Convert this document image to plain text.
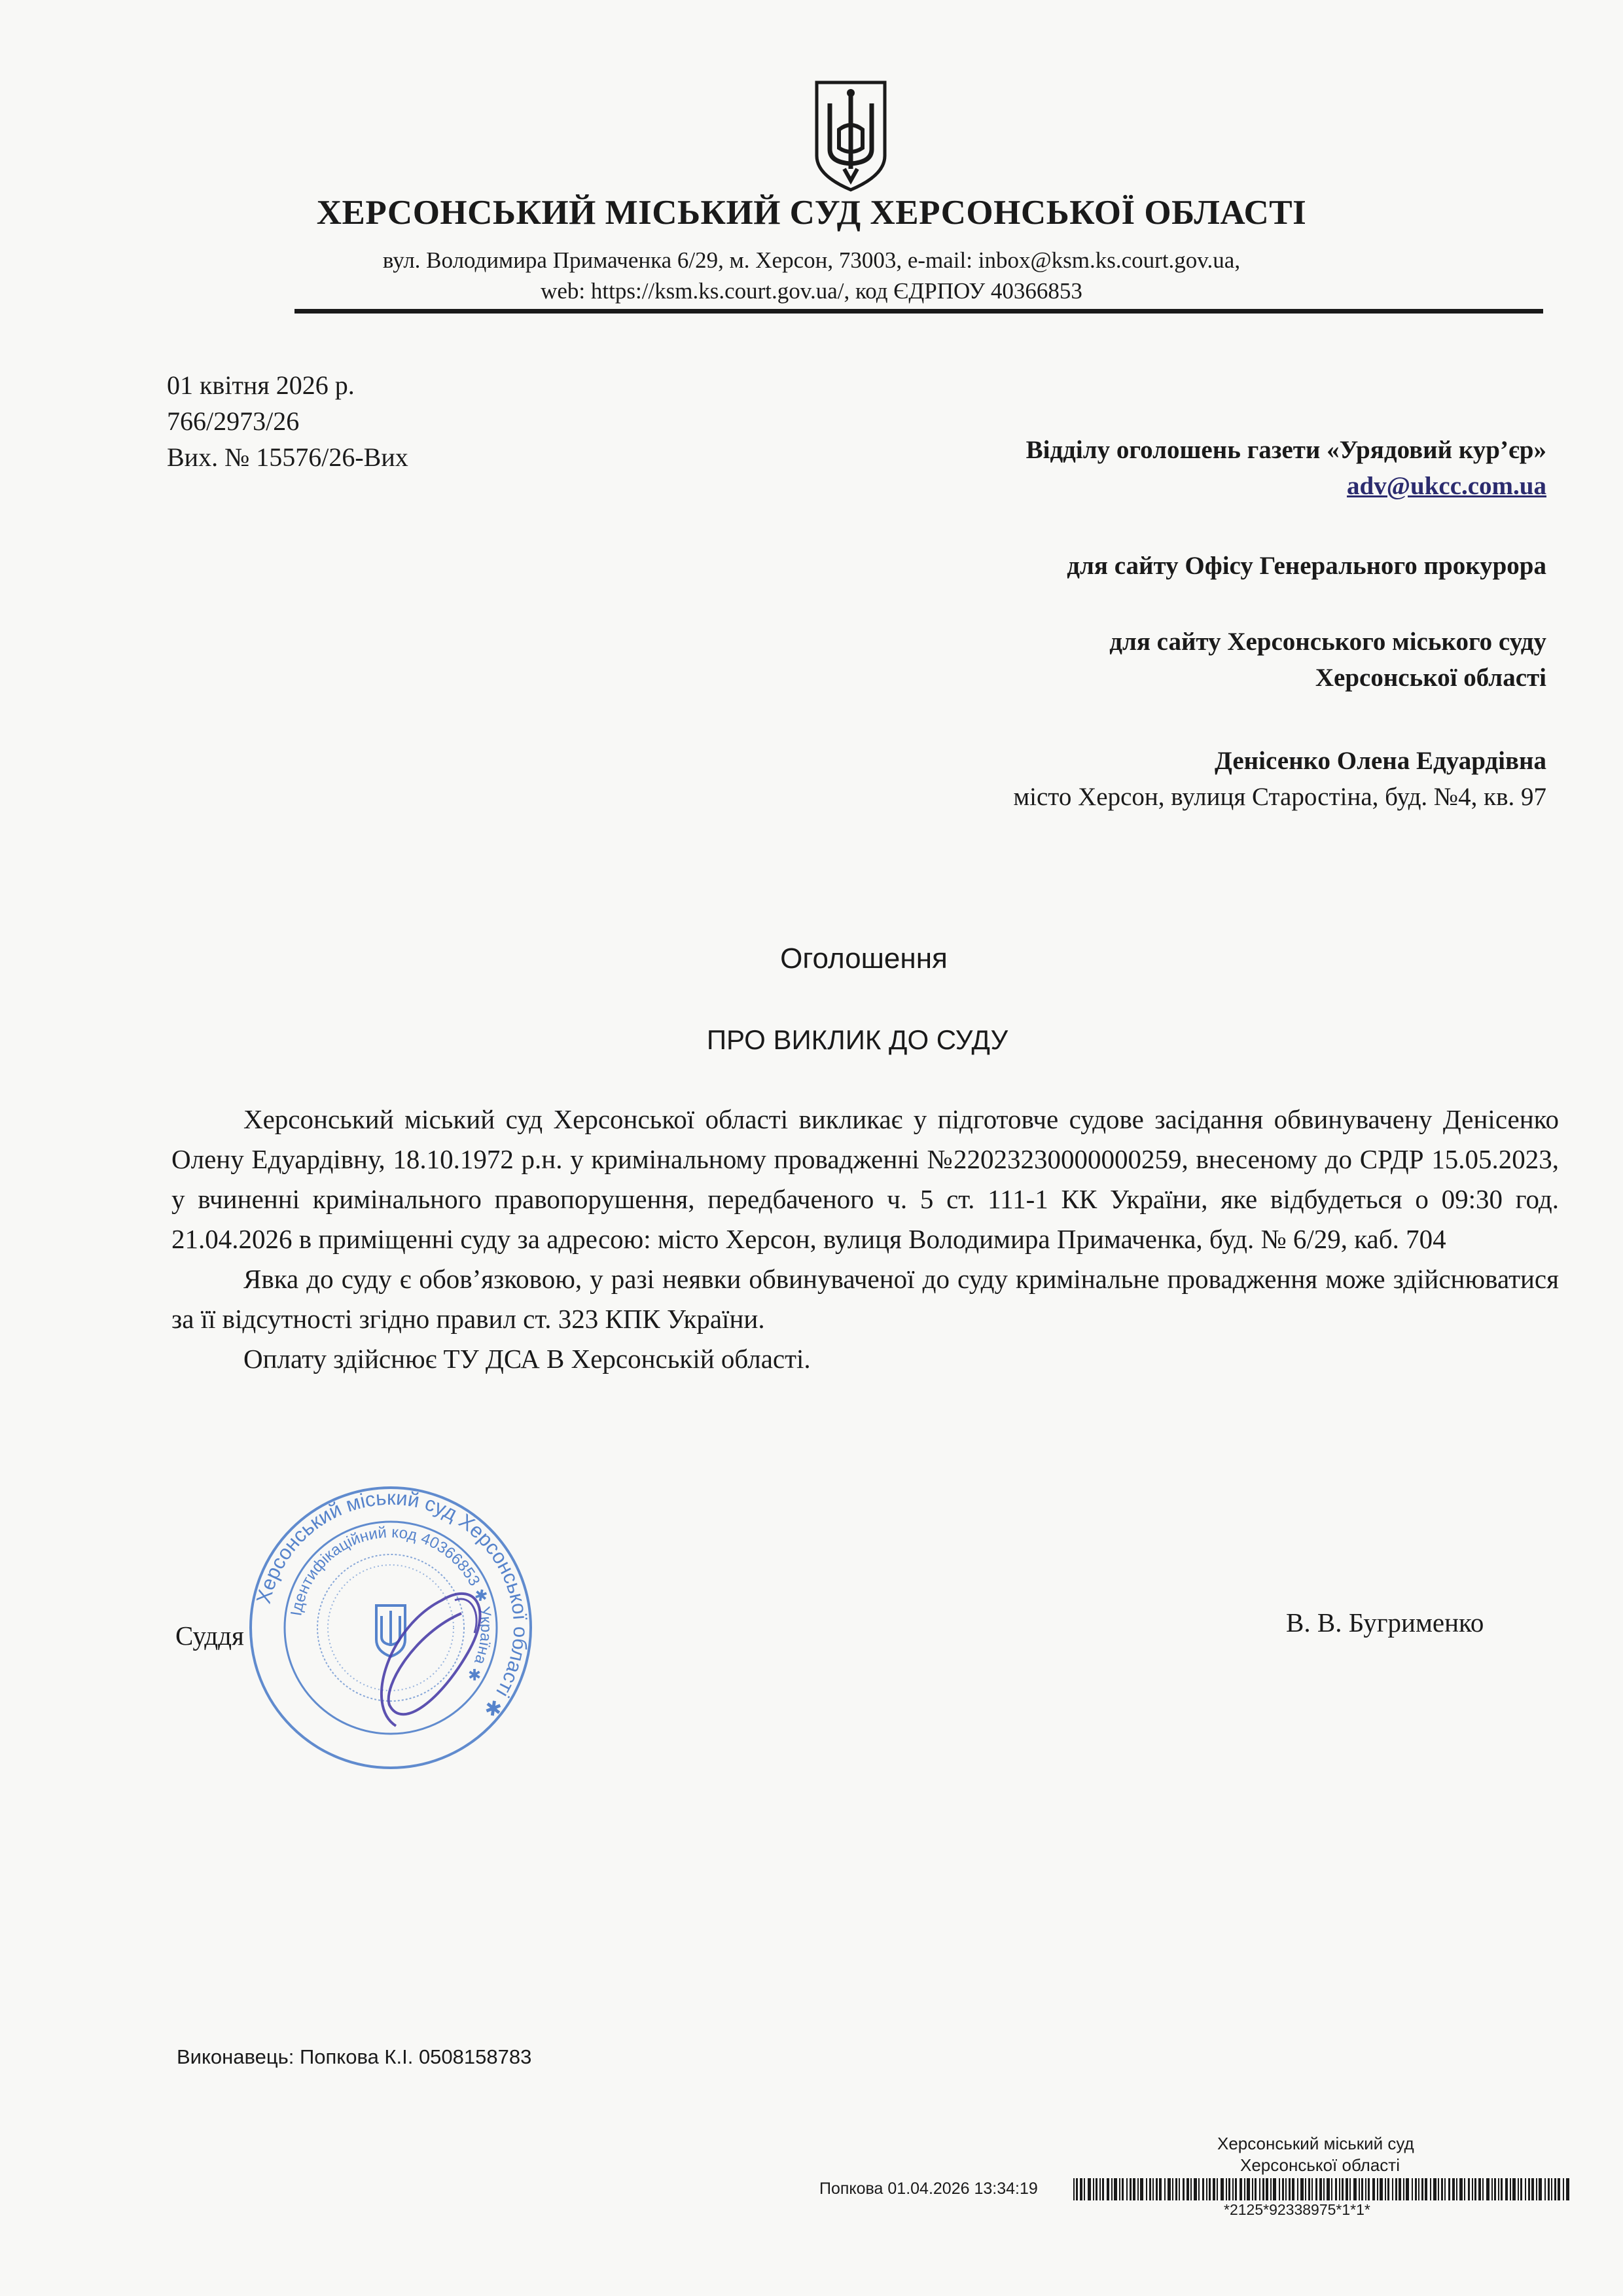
ХЕРСОНСЬКИЙ МІСЬКИЙ СУД ХЕРСОНСЬКОЇ ОБЛАСТІ
вул. Володимира Примаченка 6/29, м. Херсон, 73003, e-mail: inbox@ksm.ks.court.gov.ua,
web: https://ksm.ks.court.gov.ua/, код ЄДРПОУ 40366853
01 квітня 2026 р.
766/2973/26
Вих. № 15576/26-Вих	Відділу оголошень газети «Урядовий кур’єр»
adv@ukcc.com.ua
для сайту Офісу Генерального прокурора
для сайту Херсонського міського суду
Херсонської області
Денісенко Олена Едуардівна
місто Херсон, вулиця Старостіна, буд. №4, кв. 97
Оголошення
ПРО ВИКЛИК ДО СУДУ

Херсонський міський суд Херсонської області викликає у підготовче судове засідання обвинувачену Денісенко Олену Едуардівну, 18.10.1972 р.н. у кримінальному провадженні №22023230000000259, внесеному до СРДР 15.05.2023, у вчиненні кримінального правопорушення, передбаченого ч. 5 ст. 111-1 КК України, яке відбудеться о 09:30 год. 21.04.2026 в приміщенні суду за адресою: місто Херсон, вулиця Володимира Примаченка, буд. № 6/29, каб. 704

Явка до суду є обов’язковою, у разі неявки обвинуваченої до суду кримінальне провадження може здійснюватися за її відсутності згідно правил ст. 323 КПК України.

Оплату здійснює ТУ ДСА В Херсонській області.

Херсонський міський суд Херсонської області ✱
Ідентифікаційний код 40366853 ✱ Україна ✱
Суддя	В. В. Бугрименко
Виконавець: Попкова К.І. 0508158783
Херсонський міський суд
Херсонської області
Попкова 01.04.2026 13:34:19
*2125*92338975*1*1*
